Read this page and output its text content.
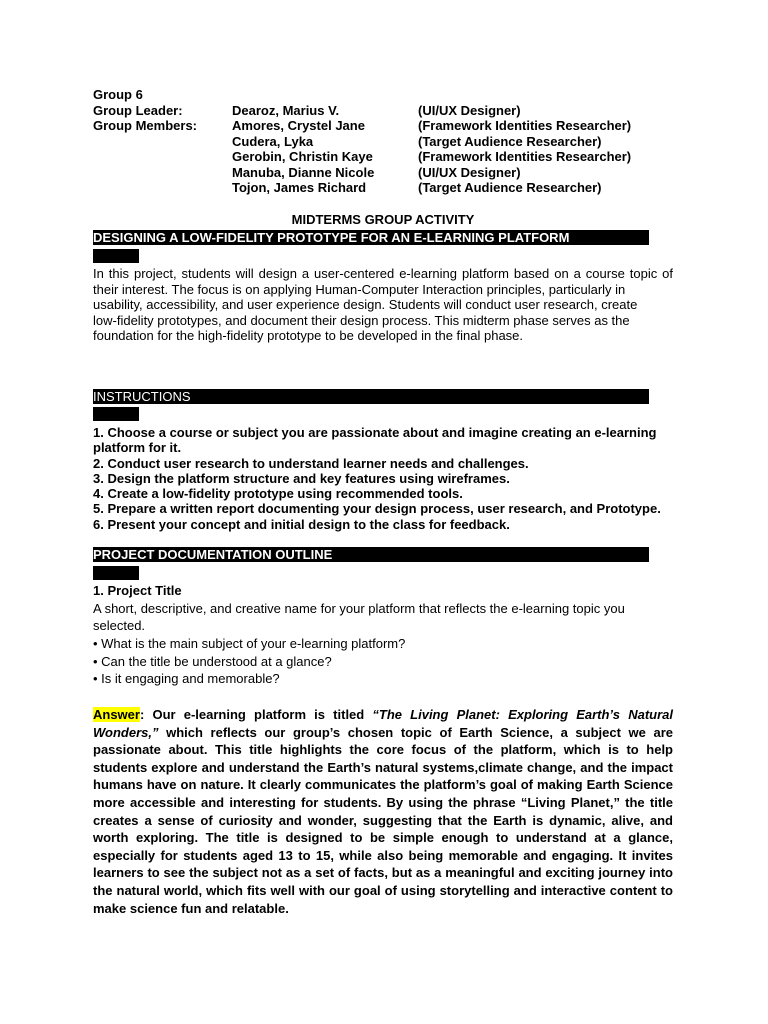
Group 6
Group Leader:	Dearoz, Marius V.	(UI/UX Designer)
Group Members:	Amores, Crystel Jane	(Framework Identities Researcher)
Cudera, Lyka	(Target Audience Researcher)
Gerobin, Christin Kaye	(Framework Identities Researcher)
Manuba, Dianne Nicole	(UI/UX Designer)
Tojon, James Richard	(Target Audience Researcher)
MIDTERMS GROUP ACTIVITY
DESIGNING A LOW-FIDELITY PROTOTYPE FOR AN E-LEARNING PLATFORM
In this project, students will design a user-centered e-learning platform based on a course topic of their interest. The focus is on applying Human-Computer Interaction principles, particularly in
usability, accessibility, and user experience design. Students will conduct user research, create
low-fidelity prototypes, and document their design process. This midterm phase serves as the
foundation for the high-fidelity prototype to be developed in the final phase.
INSTRUCTIONS
1. Choose a course or subject you are passionate about and imagine creating an e-learning platform for it.
2. Conduct user research to understand learner needs and challenges.
3. Design the platform structure and key features using wireframes.
4. Create a low-fidelity prototype using recommended tools.
5. Prepare a written report documenting your design process, user research, and Prototype.
6. Present your concept and initial design to the class for feedback.
PROJECT DOCUMENTATION OUTLINE
1. Project Title
A short, descriptive, and creative name for your platform that reflects the e-learning topic you selected.
• What is the main subject of your e-learning platform?
• Can the title be understood at a glance?
• Is it engaging and memorable?
Answer: Our e-learning platform is titled “The Living Planet: Exploring Earth’s Natural Wonders,” which reflects our group’s chosen topic of Earth Science, a subject we are passionate about. This title highlights the core focus of the platform, which is to help students explore and understand the Earth’s natural systems,climate change, and the impact humans have on nature. It clearly communicates the platform’s goal of making Earth Science more accessible and interesting for students. By using the phrase “Living Planet,” the title creates a sense of curiosity and wonder, suggesting that the Earth is dynamic, alive, and worth exploring. The title is designed to be simple enough to understand at a glance, especially for students aged 13 to 15, while also being memorable and engaging. It invites learners to see the subject not as a set of facts, but as a meaningful and exciting journey into the natural world, which fits well with our goal of using storytelling and interactive content to make science fun and relatable.
